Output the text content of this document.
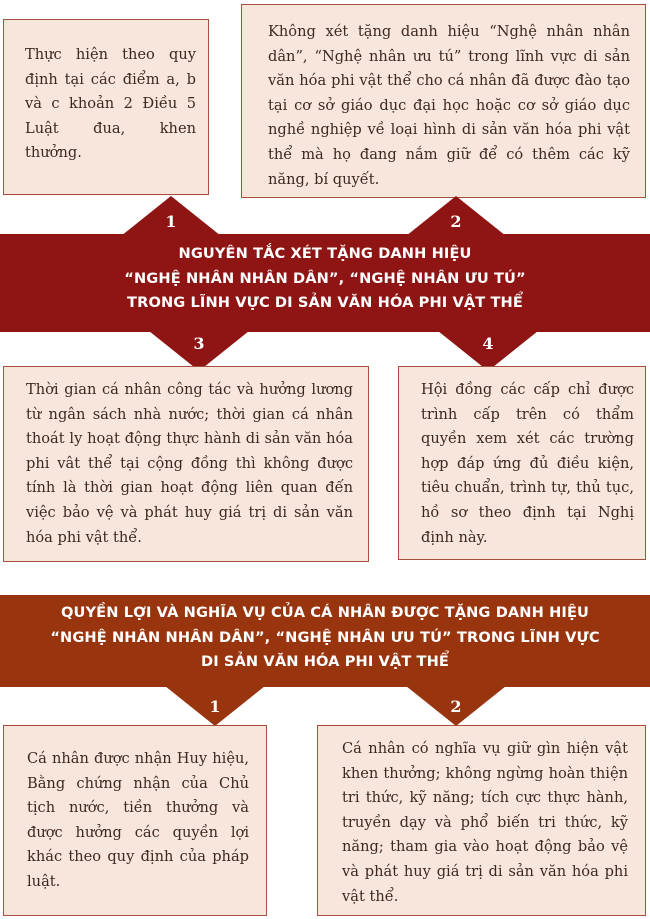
Thực hiện theo quy định tại các điểm a, b và c khoản 2 Điều 5 Luật đua, khen thưởng.
Không xét tặng danh hiệu “Nghệ nhân nhân dân”, “Nghệ nhân ưu tú” trong lĩnh vực di sản văn hóa phi vật thể cho cá nhân đã được đào tạo tại cơ sở giáo dục đại học hoặc cơ sở giáo dục nghề nghiệp về loại hình di sản văn hóa phi vật thể mà họ đang nắm giữ để có thêm các kỹ năng, bí quyết.
1	2
NGUYÊN TẮC XÉT TẶNG DANH HIỆU
“NGHỆ NHÂN NHÂN DÂN”, “NGHỆ NHÂN ƯU TÚ”
TRONG LĨNH VỰC DI SẢN VĂN HÓA PHI VẬT THỂ
3	4
Thời gian cá nhân công tác và hưởng lương từ ngân sách nhà nước; thời gian cá nhân thoát ly hoạt động thực hành di sản văn hóa phi vât thể tại cộng đồng thì không được tính là thời gian hoạt động liên quan đến việc bảo vệ và phát huy giá trị di sản văn hóa phi vật thể.
Hội đồng các cấp chỉ được trình cấp trên có thẩm quyền xem xét các trường hợp đáp ứng đủ điều kiện, tiêu chuẩn, trình tự, thủ tục, hồ sơ theo định tại Nghị định này.
QUYỀN LỢI VÀ NGHĨA VỤ CỦA CÁ NHÂN ĐƯỢC TẶNG DANH HIỆU
“NGHỆ NHÂN NHÂN DÂN”, “NGHỆ NHÂN ƯU TÚ” TRONG LĨNH VỰC
DI SẢN VĂN HÓA PHI VẬT THỂ
1	2
Cá nhân được nhận Huy hiệu, Bằng chứng nhận của Chủ tịch nước, tiền thưởng và được hưởng các quyền lợi khác theo quy định của pháp luật.
Cá nhân có nghĩa vụ giữ gìn hiện vật khen thưởng; không ngừng hoàn thiện tri thức, kỹ năng; tích cực thực hành, truyền dạy và phổ biến tri thức, kỹ năng; tham gia vào hoạt động bảo vệ và phát huy giá trị di sản văn hóa phi vật thể.
